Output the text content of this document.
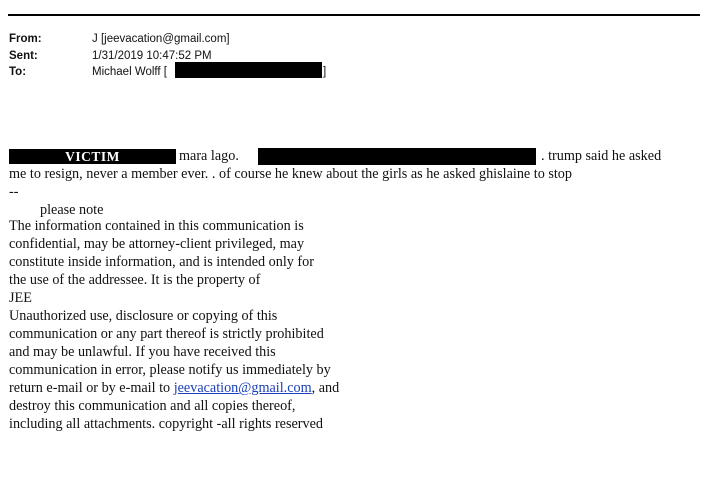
From:	J [jeevacation@gmail.com]
Sent:	1/31/2019 10:47:52 PM
To:	Michael Wolff [	]
VICTIM	mara lago.	. trump said he asked
me to resign, never a member ever. . of course he knew about the girls as he asked ghislaine to stop
--
please note
The information contained in this communication is
confidential, may be attorney-client privileged, may
constitute inside information, and is intended only for
the use of the addressee. It is the property of
JEE
Unauthorized use, disclosure or copying of this
communication or any part thereof is strictly prohibited
and may be unlawful. If you have received this
communication in error, please notify us immediately by
return e-mail or by e-mail to jeevacation@gmail.com, and
destroy this communication and all copies thereof,
including all attachments. copyright -all rights reserved
